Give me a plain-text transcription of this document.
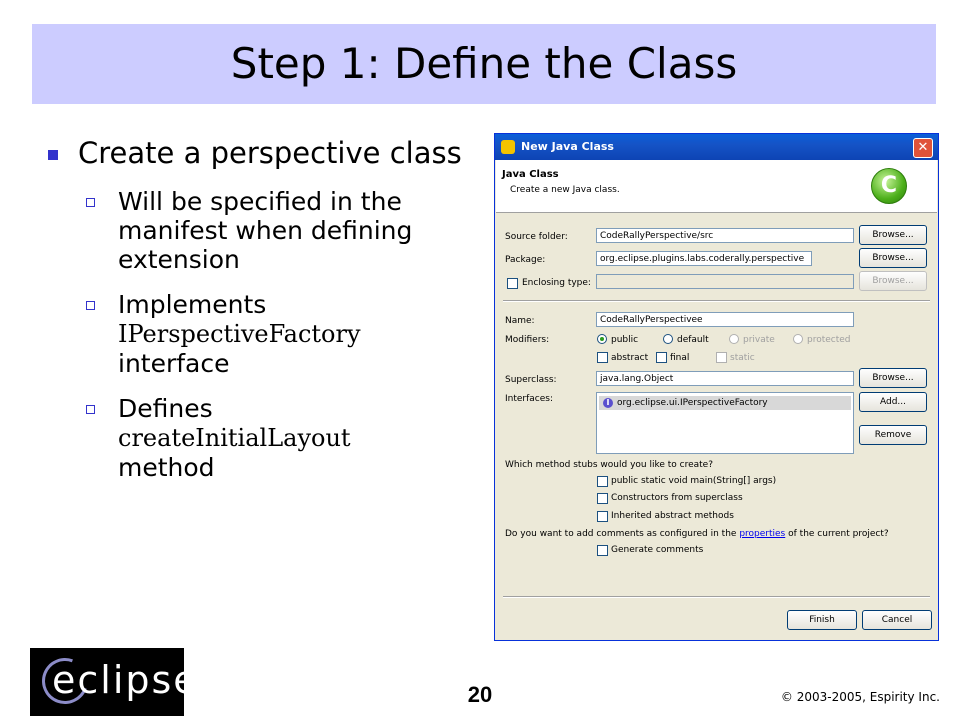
Step 1: Define the Class
Create a perspective class
Will be specified in the manifest when defining extension
Implements
IPerspectiveFactory
interface
Defines
createInitialLayout
method
New Java Class	✕
Java Class
Create a new Java class.	C
Source folder:	CodeRallyPerspective/src	Browse...
Package:	org.eclipse.plugins.labs.coderally.perspective	Browse...
Enclosing type:	Browse...
Name:	CodeRallyPerspectivee
Modifiers:	public	default	private	protected
abstract final	static
Superclass:	java.lang.Object	Browse...
Interfaces:	I org.eclipse.ui.IPerspectiveFactory	Add...
Remove
Which method stubs would you like to create?
public static void main(String[] args)
Constructors from superclass
Inherited abstract methods
Do you want to add comments as configured in the properties of the current project?
Generate comments
Finish	Cancel
eclipse	20	© 2003-2005, Espirity Inc.
